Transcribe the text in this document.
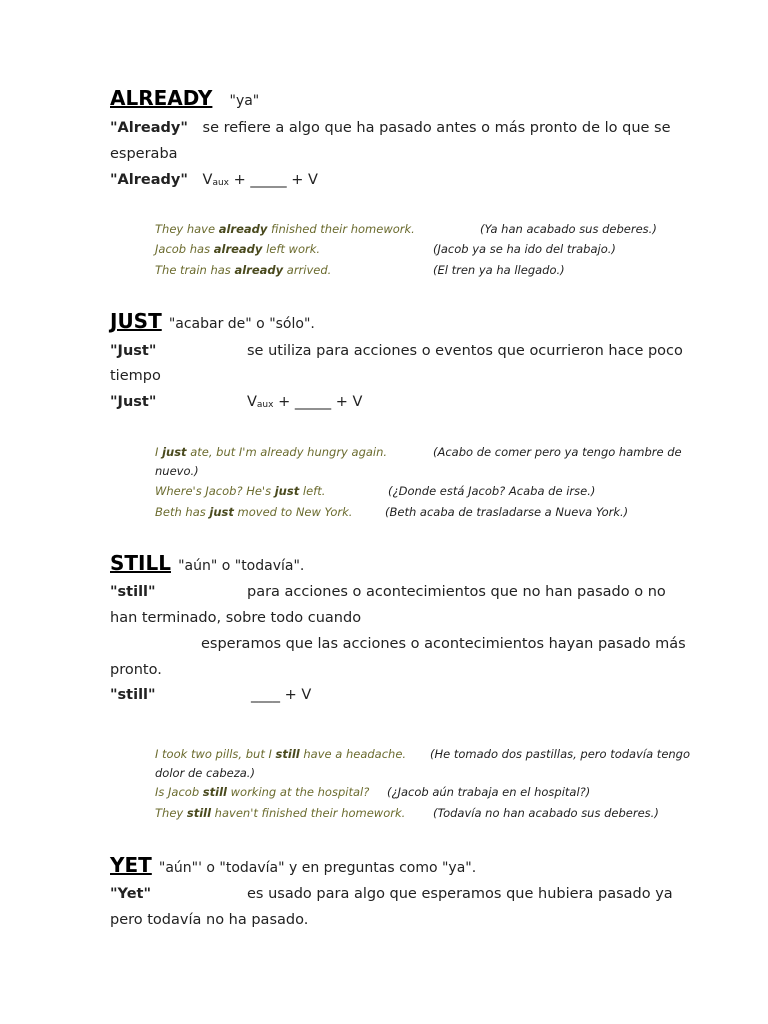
ALREADY "ya"
"Already" se refiere a algo que ha pasado antes o más pronto de lo que se
esperaba
"Already" $V_{aux}$ + _____ + V
They have already finished their homework.	(Ya han acabado sus deberes.)
Jacob has already left work.	(Jacob ya se ha ido del trabajo.)
The train has already arrived.	(El tren ya ha llegado.)
JUST "acabar de" o "sólo".
"Just"	se utiliza para acciones o eventos que ocurrieron hace poco
tiempo
"Just"	$V_{aux}$ + _____ + V
I just ate, but I'm already hungry again.	(Acabo de comer pero ya tengo hambre de
nuevo.)
Where's Jacob? He's just left.	(¿Donde está Jacob? Acaba de irse.)
Beth has just moved to New York.	(Beth acaba de trasladarse a Nueva York.)
STILL "aún" o "todavía".
"still"	para acciones o acontecimientos que no han pasado o no
han terminado, sobre todo cuando
esperamos que las acciones o acontecimientos hayan pasado más
pronto.
"still"	____ + V
I took two pills, but I still have a headache. (He tomado dos pastillas, pero todavía tengo
dolor de cabeza.)
Is Jacob still working at the hospital? (¿Jacob aún trabaja en el hospital?)
They still haven't finished their homework. (Todavía no han acabado sus deberes.)
YET "aún"' o "todavía" y en preguntas como "ya".
"Yet"	es usado para algo que esperamos que hubiera pasado ya
pero todavía no ha pasado.
